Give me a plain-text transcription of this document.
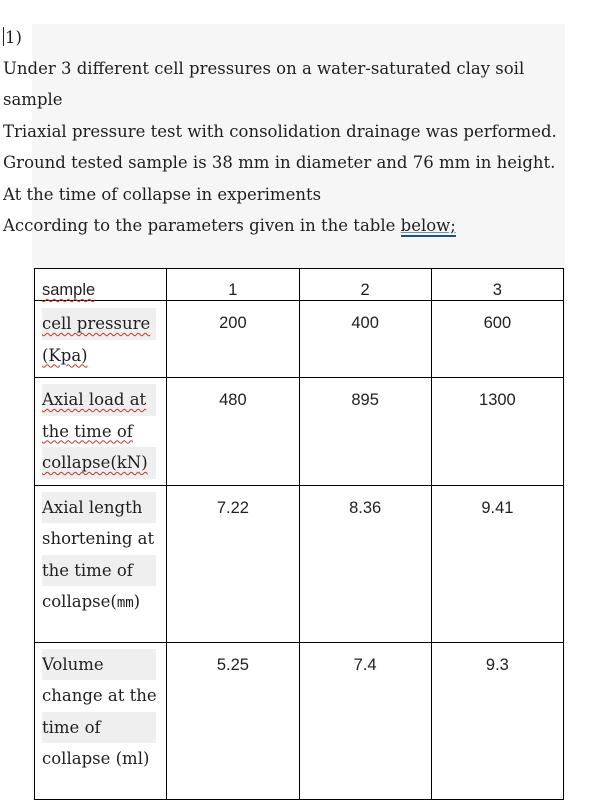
1)
Under 3 different cell pressures on a water-saturated clay soil
sample
Triaxial pressure test with consolidation drainage was performed.
Ground tested sample is 38 mm in diameter and 76 mm in height.
At the time of collapse in experiments
According to the parameters given in the table below;
sample	1	2	3

cell pressure
(Kpa)	200	400	600

Axial load at
the time of
collapse(kN)	480	895	1300

Axial length
shortening at
the time of
collapse(mm)	7.22	8.36	9.41

Volume
change at the
time of
collapse (ml)	5.25	7.4	9.3
